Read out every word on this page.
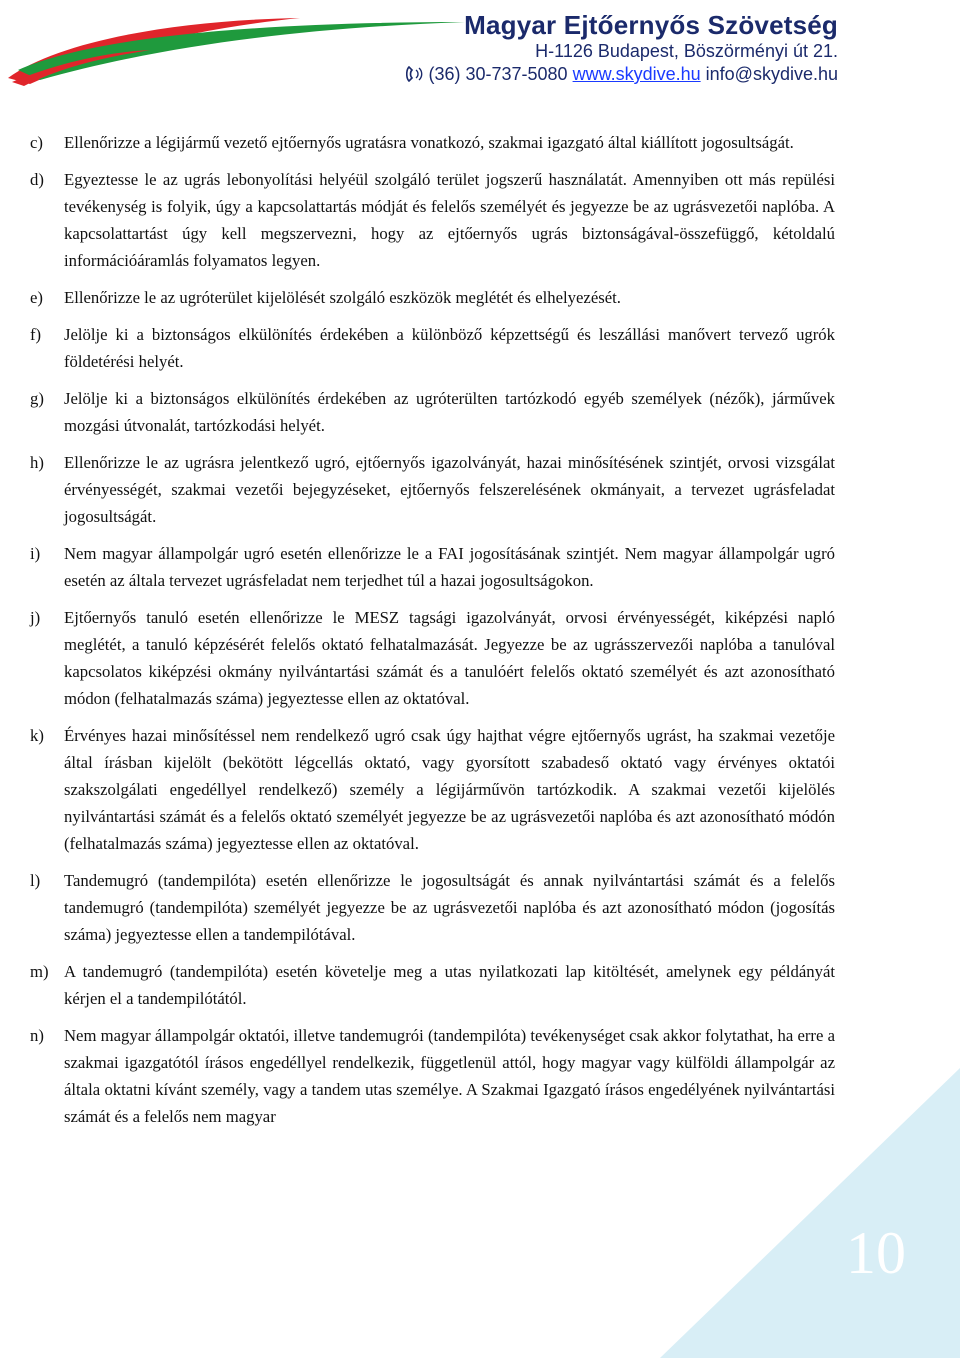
Magyar Ejtőernyős Szövetség
H-1126 Budapest, Böszörményi út 21.
(36) 30-737-5080 www.skydive.hu info@skydive.hu
c) Ellenőrizze a légijármű vezető ejtőernyős ugratásra vonatkozó, szakmai igazgató által kiállított jogosultságát.
d) Egyeztesse le az ugrás lebonyolítási helyéül szolgáló terület jogszerű használatát. Amennyiben ott más repülési tevékenység is folyik, úgy a kapcsolattartás módját és felelős személyét és jegyezze be az ugrásvezetői naplóba. A kapcsolattartást úgy kell megszervezni, hogy az ejtőernyős ugrás biztonságával-összefüggő, kétoldalú információáramlás folyamatos legyen.
e) Ellenőrizze le az ugróterület kijelölését szolgáló eszközök meglétét és elhelyezését.
f) Jelölje ki a biztonságos elkülönítés érdekében a különböző képzettségű és leszállási manővert tervező ugrók földetérési helyét.
g) Jelölje ki a biztonságos elkülönítés érdekében az ugróterülten tartózkodó egyéb személyek (nézők), járművek mozgási útvonalát, tartózkodási helyét.
h) Ellenőrizze le az ugrásra jelentkező ugró, ejtőernyős igazolványát, hazai minősítésének szintjét, orvosi vizsgálat érvényességét, szakmai vezetői bejegyzéseket, ejtőernyős felszerelésének okmányait, a tervezet ugrásfeladat jogosultságát.
i) Nem magyar állampolgár ugró esetén ellenőrizze le a FAI jogosításának szintjét. Nem magyar állampolgár ugró esetén az általa tervezet ugrásfeladat nem terjedhet túl a hazai jogosultságokon.
j) Ejtőernyős tanuló esetén ellenőrizze le MESZ tagsági igazolványát, orvosi érvényességét, kiképzési napló meglétét, a tanuló képzésérét felelős oktató felhatalmazását. Jegyezze be az ugrásszervezői naplóba a tanulóval kapcsolatos kiképzési okmány nyilvántartási számát és a tanulóért felelős oktató személyét és azt azonosítható módon (felhatalmazás száma) jegyeztesse ellen az oktatóval.
k) Érvényes hazai minősítéssel nem rendelkező ugró csak úgy hajthat végre ejtőernyős ugrást, ha szakmai vezetője által írásban kijelölt (bekötött légcellás oktató, vagy gyorsított szabadeső oktató vagy érvényes oktatói szakszolgálati engedéllyel rendelkező) személy a légijárművön tartózkodik. A szakmai vezetői kijelölés nyilvántartási számát és a felelős oktató személyét jegyezze be az ugrásvezetői naplóba és azt azonosítható módón (felhatalmazás száma) jegyeztesse ellen az oktatóval.
l) Tandemugró (tandempilóta) esetén ellenőrizze le jogosultságát és annak nyilvántartási számát és a felelős tandemugró (tandempilóta) személyét jegyezze be az ugrásvezetői naplóba és azt azonosítható módon (jogosítás száma) jegyeztesse ellen a tandempilótával.
m) A tandemugró (tandempilóta) esetén követelje meg a utas nyilatkozati lap kitöltését, amelynek egy példányát kérjen el a tandempilótától.
n) Nem magyar állampolgár oktatói, illetve tandemugrói (tandempilóta) tevékenységet csak akkor folytathat, ha erre a szakmai igazgatótól írásos engedéllyel rendelkezik, függetlenül attól, hogy magyar vagy külföldi állampolgár az általa oktatni kívánt személy, vagy a tandem utas személye. A Szakmai Igazgató írásos engedélyének nyilvántartási számát és a felelős nem magyar
10
